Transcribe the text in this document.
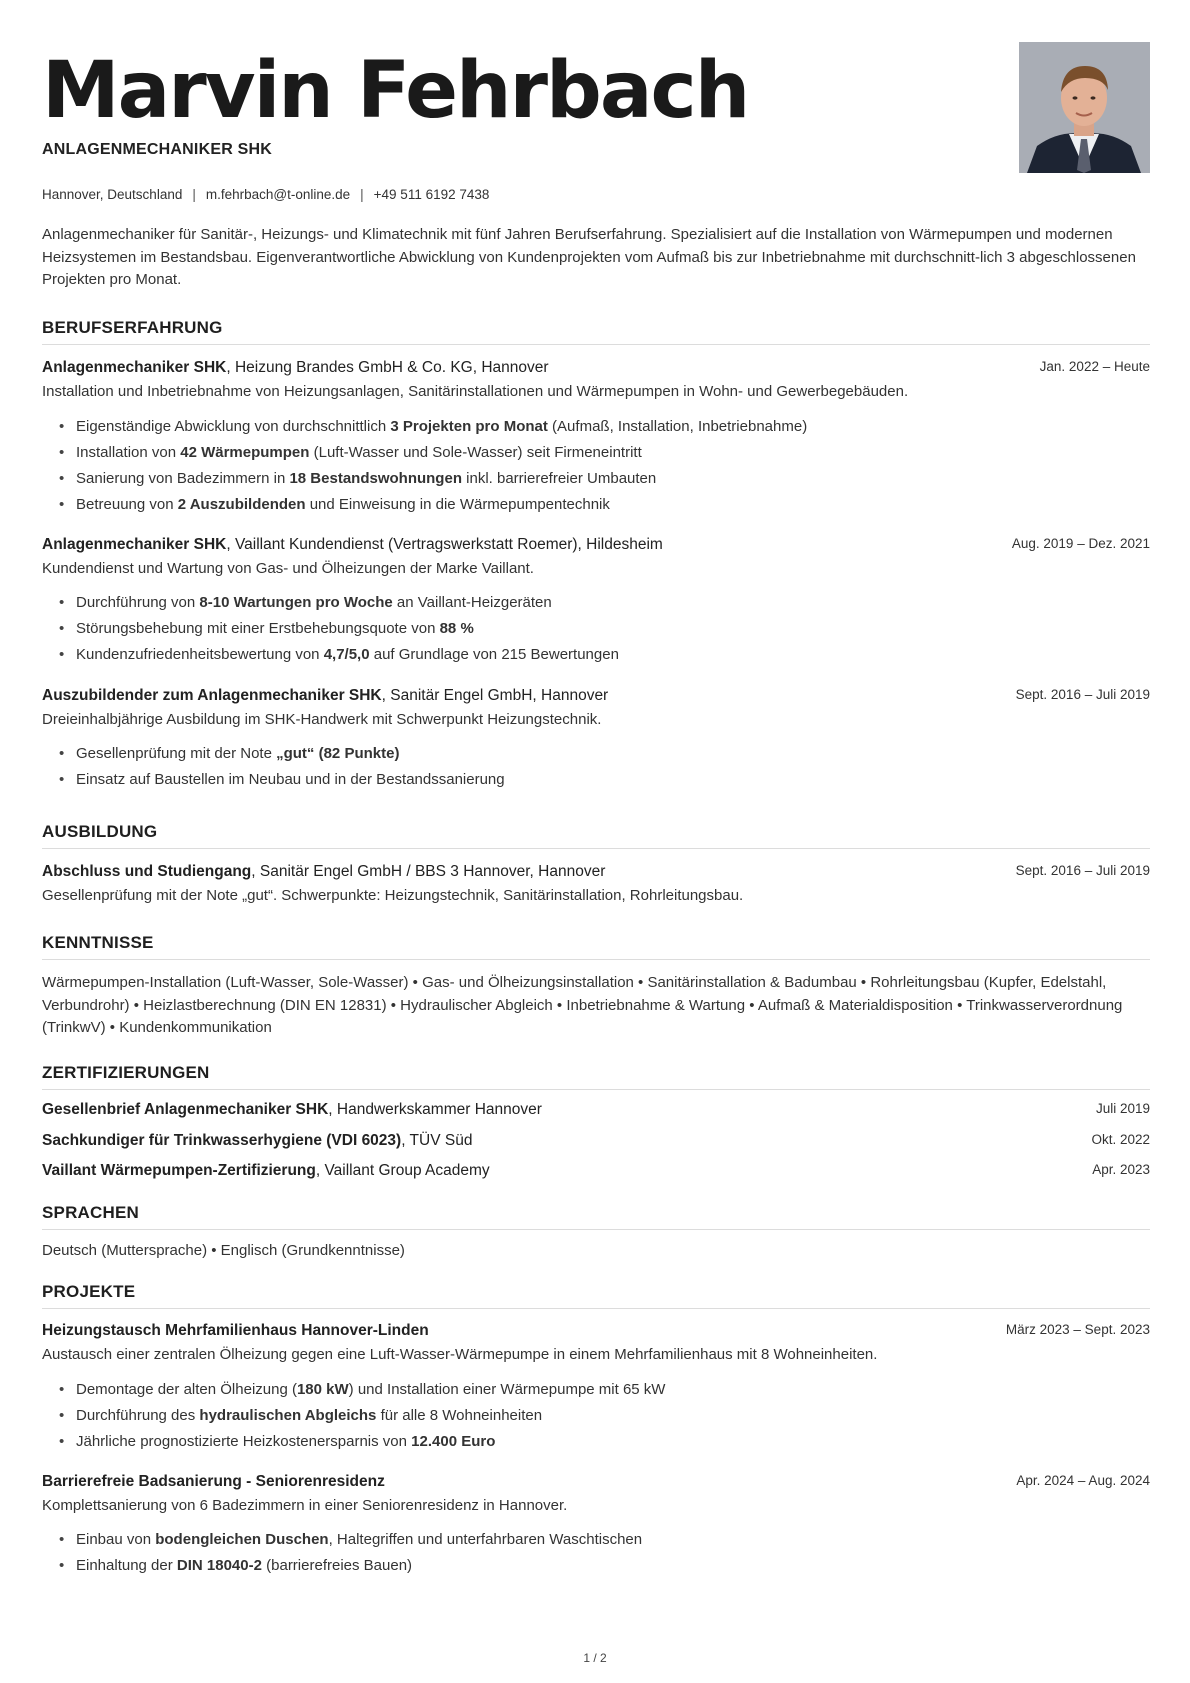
Marvin Fehrbach
ANLAGENMECHANIKER SHK
Hannover, Deutschland | m.fehrbach@t-online.de | +49 511 6192 7438
Anlagenmechaniker für Sanitär-, Heizungs- und Klimatechnik mit fünf Jahren Berufserfahrung. Spezialisiert auf die Installation von Wärmepumpen und modernen Heizsystemen im Bestandsbau. Eigenverantwortliche Abwicklung von Kundenprojekten vom Aufmaß bis zur Inbetriebnahme mit durchschnitt-lich 3 abgeschlossenen Projekten pro Monat.
BERUFSERFAHRUNG
Anlagenmechaniker SHK, Heizung Brandes GmbH & Co. KG, Hannover	Jan. 2022 – Heute
Installation und Inbetriebnahme von Heizungsanlagen, Sanitärinstallationen und Wärmepumpen in Wohn- und Gewerbegebäuden.
• Eigenständige Abwicklung von durchschnittlich 3 Projekten pro Monat (Aufmaß, Installation, Inbetriebnahme)
• Installation von 42 Wärmepumpen (Luft-Wasser und Sole-Wasser) seit Firmeneintritt
• Sanierung von Badezimmern in 18 Bestandswohnungen inkl. barrierefreier Umbauten
• Betreuung von 2 Auszubildenden und Einweisung in die Wärmepumpentechnik
Anlagenmechaniker SHK, Vaillant Kundendienst (Vertragswerkstatt Roemer), Hildesheim	Aug. 2019 – Dez. 2021
Kundendienst und Wartung von Gas- und Ölheizungen der Marke Vaillant.
• Durchführung von 8-10 Wartungen pro Woche an Vaillant-Heizgeräten
• Störungsbehebung mit einer Erstbehebungsquote von 88 %
• Kundenzufriedenheitsbewertung von 4,7/5,0 auf Grundlage von 215 Bewertungen
Auszubildender zum Anlagenmechaniker SHK, Sanitär Engel GmbH, Hannover	Sept. 2016 – Juli 2019
Dreieinhalbjährige Ausbildung im SHK-Handwerk mit Schwerpunkt Heizungstechnik.
• Gesellenprüfung mit der Note „gut“ (82 Punkte)
• Einsatz auf Baustellen im Neubau und in der Bestandssanierung
AUSBILDUNG
Abschluss und Studiengang, Sanitär Engel GmbH / BBS 3 Hannover, Hannover	Sept. 2016 – Juli 2019
Gesellenprüfung mit der Note „gut“. Schwerpunkte: Heizungstechnik, Sanitärinstallation, Rohrleitungsbau.
KENNTNISSE
Wärmepumpen-Installation (Luft-Wasser, Sole-Wasser) • Gas- und Ölheizungsinstallation • Sanitärinstallation & Badumbau • Rohrleitungsbau (Kupfer, Edelstahl, Verbundrohr) • Heizlastberechnung (DIN EN 12831) • Hydraulischer Abgleich • Inbetriebnahme & Wartung • Aufmaß & Materialdisposition • Trinkwasserverordnung (TrinkwV) • Kundenkommunikation
ZERTIFIZIERUNGEN
Gesellenbrief Anlagenmechaniker SHK, Handwerkskammer Hannover	Juli 2019
Sachkundiger für Trinkwasserhygiene (VDI 6023), TÜV Süd	Okt. 2022
Vaillant Wärmepumpen-Zertifizierung, Vaillant Group Academy	Apr. 2023
SPRACHEN
Deutsch (Muttersprache) • Englisch (Grundkenntnisse)
PROJEKTE
Heizungstausch Mehrfamilienhaus Hannover-Linden	März 2023 – Sept. 2023
Austausch einer zentralen Ölheizung gegen eine Luft-Wasser-Wärmepumpe in einem Mehrfamilienhaus mit 8 Wohneinheiten.
• Demontage der alten Ölheizung (180 kW) und Installation einer Wärmepumpe mit 65 kW
• Durchführung des hydraulischen Abgleichs für alle 8 Wohneinheiten
• Jährliche prognostizierte Heizkostenersparnis von 12.400 Euro
Barrierefreie Badsanierung - Seniorenresidenz	Apr. 2024 – Aug. 2024
Komplettsanierung von 6 Badezimmern in einer Seniorenresidenz in Hannover.
• Einbau von bodengleichen Duschen, Haltegriffen und unterfahrbaren Waschtischen
• Einhaltung der DIN 18040-2 (barrierefreies Bauen)
1 / 2
